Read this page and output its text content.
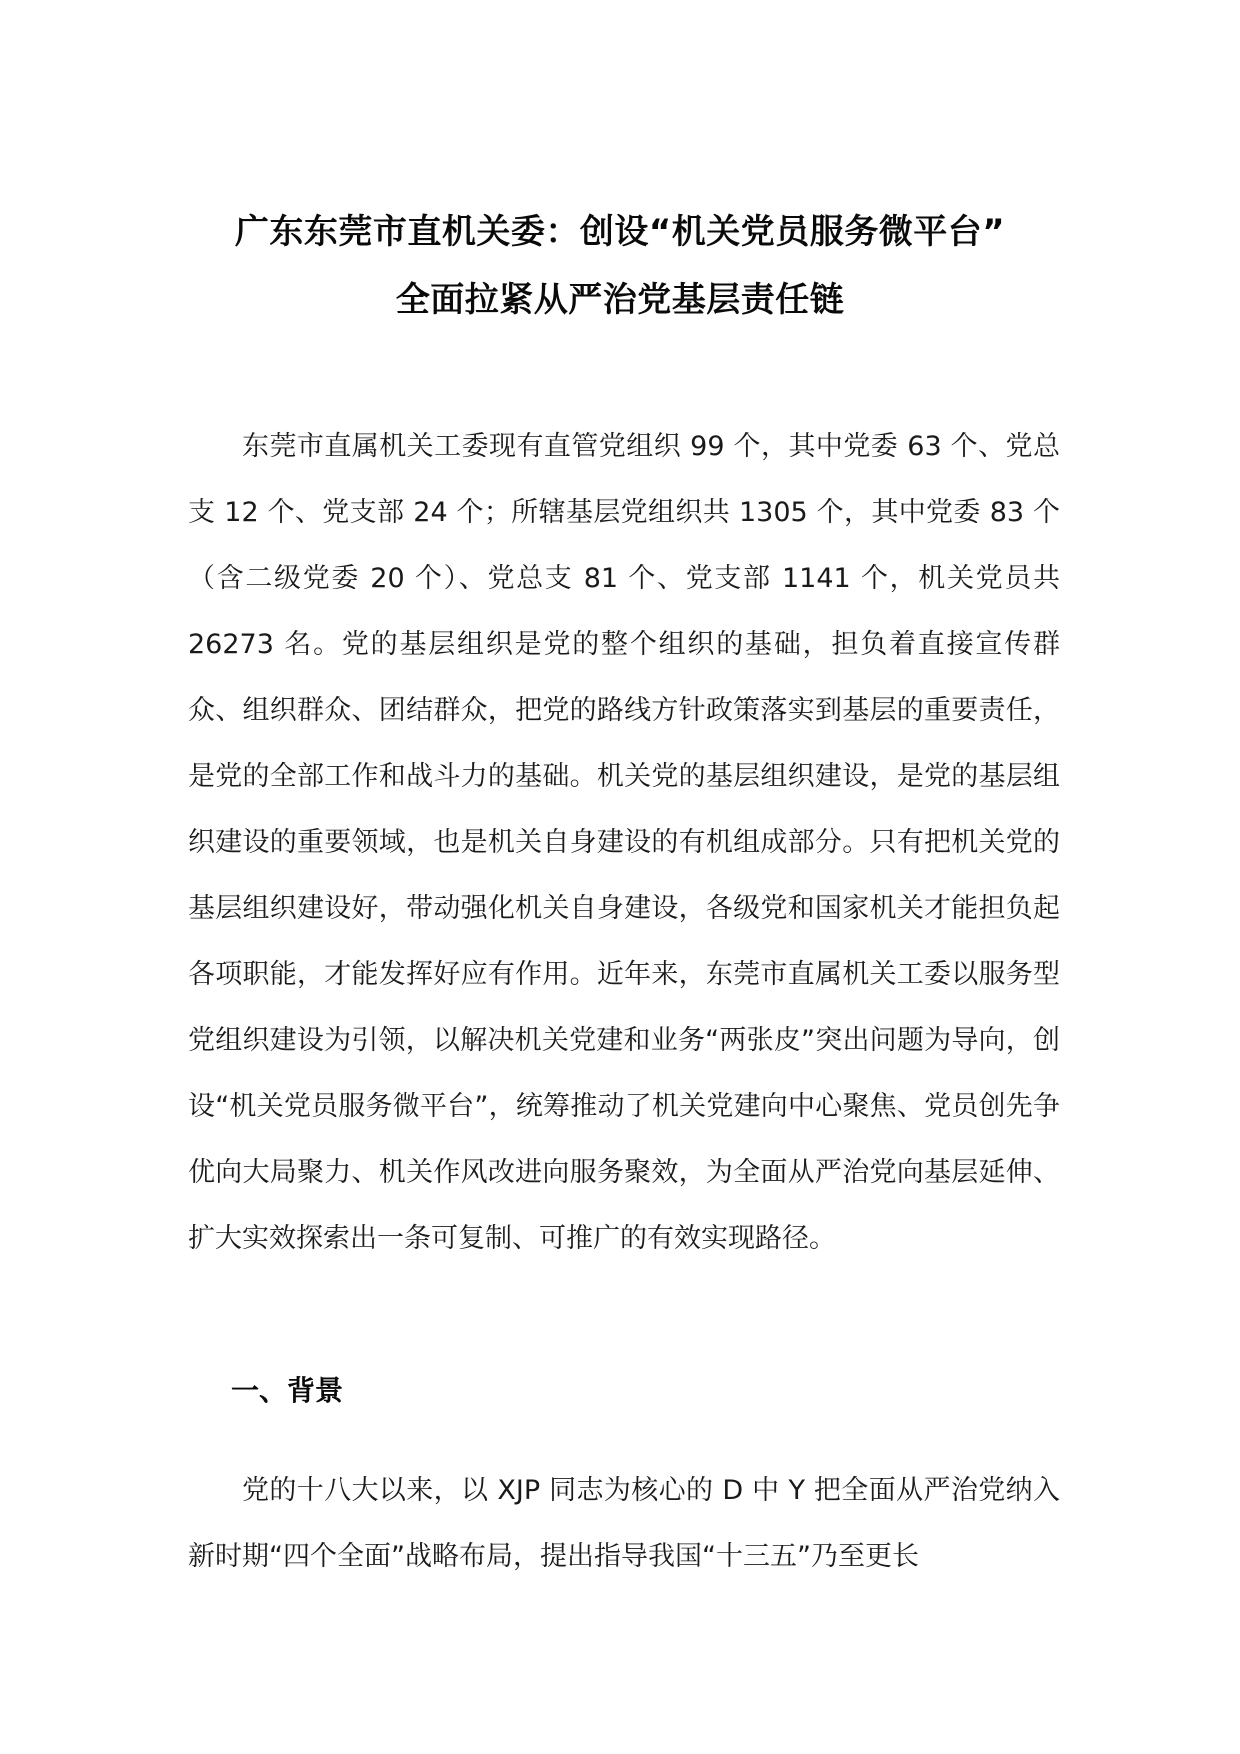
广东东莞市直机关委：创设“机关党员服务微平台”
全面拉紧从严治党基层责任链

东莞市直属机关工委现有直管党组织 99 个，其中党委 63 个、党总支 12 个、党支部 24 个；所辖基层党组织共 1305 个，其中党委 83 个（含二级党委 20 个）、党总支 81 个、党支部 1141 个，机关党员共 26273 名。党的基层组织是党的整个组织的基础，担负着直接宣传群众、组织群众、团结群众，把党的路线方针政策落实到基层的重要责任，是党的全部工作和战斗力的基础。机关党的基层组织建设，是党的基层组织建设的重要领域，也是机关自身建设的有机组成部分。只有把机关党的基层组织建设好，带动强化机关自身建设，各级党和国家机关才能担负起各项职能，才能发挥好应有作用。近年来，东莞市直属机关工委以服务型党组织建设为引领，以解决机关党建和业务“两张皮”突出问题为导向，创设“机关党员服务微平台”，统筹推动了机关党建向中心聚焦、党员创先争优向大局聚力、机关作风改进向服务聚效，为全面从严治党向基层延伸、扩大实效探索出一条可复制、可推广的有效实现路径。

一、背景

党的十八大以来，以 XJP 同志为核心的 D 中 Y 把全面从严治党纳入新时期“四个全面”战略布局，提出指导我国“十三五”乃至更长
